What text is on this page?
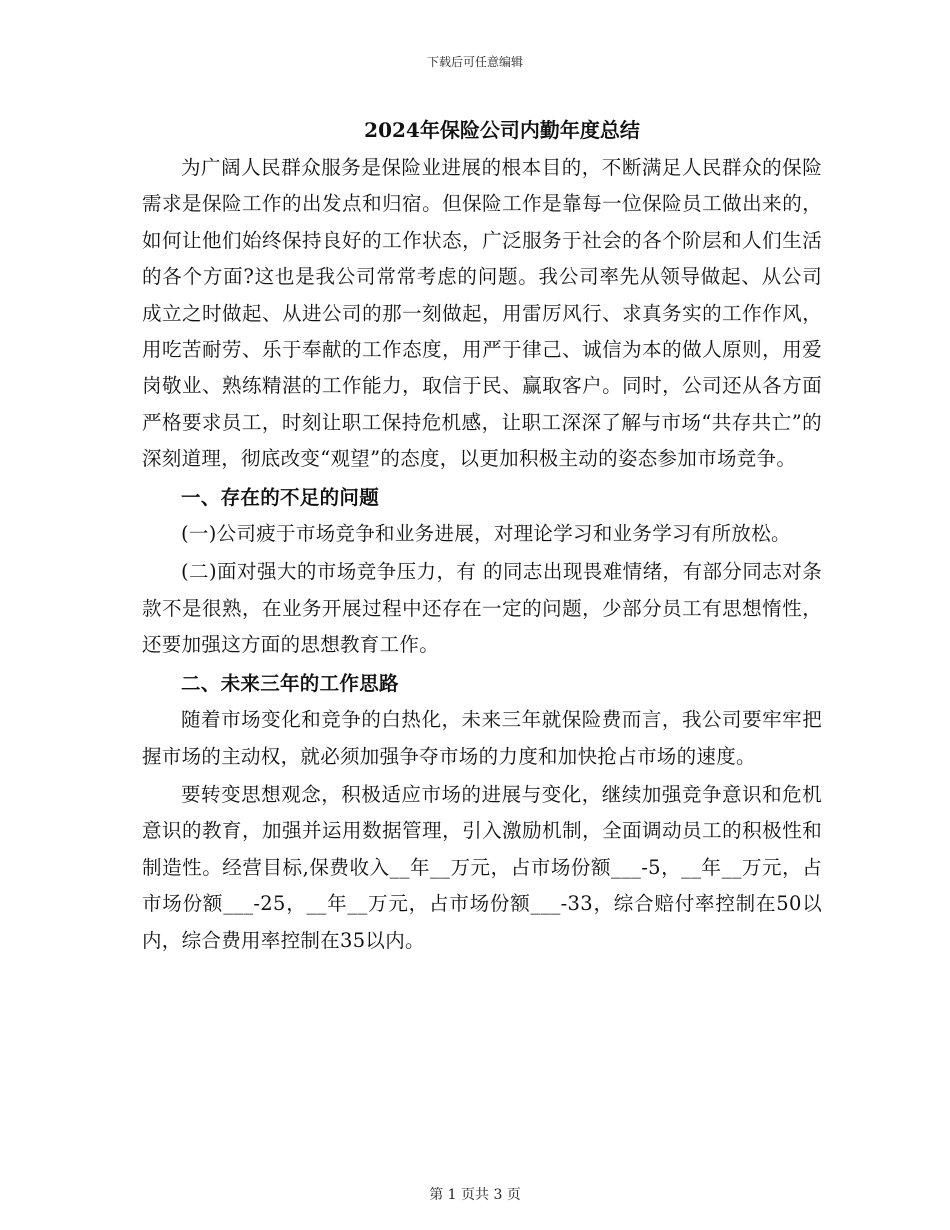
下载后可任意编辑
2024年保险公司内勤年度总结

为广阔人民群众服务是保险业进展的根本目的，不断满足人民群众的保险需求是保险工作的出发点和归宿。但保险工作是靠每一位保险员工做出来的，如何让他们始终保持良好的工作状态，广泛服务于社会的各个阶层和人们生活的各个方面?这也是我公司常常考虑的问题。我公司率先从领导做起、从公司成立之时做起、从进公司的那一刻做起，用雷厉风行、求真务实的工作作风，用吃苦耐劳、乐于奉献的工作态度，用严于律己、诚信为本的做人原则，用爱岗敬业、熟练精湛的工作能力，取信于民、赢取客户。同时，公司还从各方面严格要求员工，时刻让职工保持危机感，让职工深深了解与市场“共存共亡”的深刻道理，彻底改变“观望”的态度，以更加积极主动的姿态参加市场竞争。

一、存在的不足的问题

(一)公司疲于市场竞争和业务进展，对理论学习和业务学习有所放松。

(二)面对强大的市场竞争压力，有 的同志出现畏难情绪，有部分同志对条款不是很熟，在业务开展过程中还存在一定的问题，少部分员工有思想惰性，还要加强这方面的思想教育工作。

二、未来三年的工作思路

随着市场变化和竞争的白热化，未来三年就保险费而言，我公司要牢牢把握市场的主动权，就必须加强争夺市场的力度和加快抢占市场的速度。

要转变思想观念，积极适应市场的进展与变化，继续加强竞争意识和危机意识的教育，加强并运用数据管理，引入激励机制，全面调动员工的积极性和制造性。经营目标,保费收入__年__万元，占市场份额___-5，__年__万元，占市场份额___-25，__年__万元，占市场份额___-33，综合赔付率控制在50以内，综合费用率控制在35以内。

第 1 页共 3 页
